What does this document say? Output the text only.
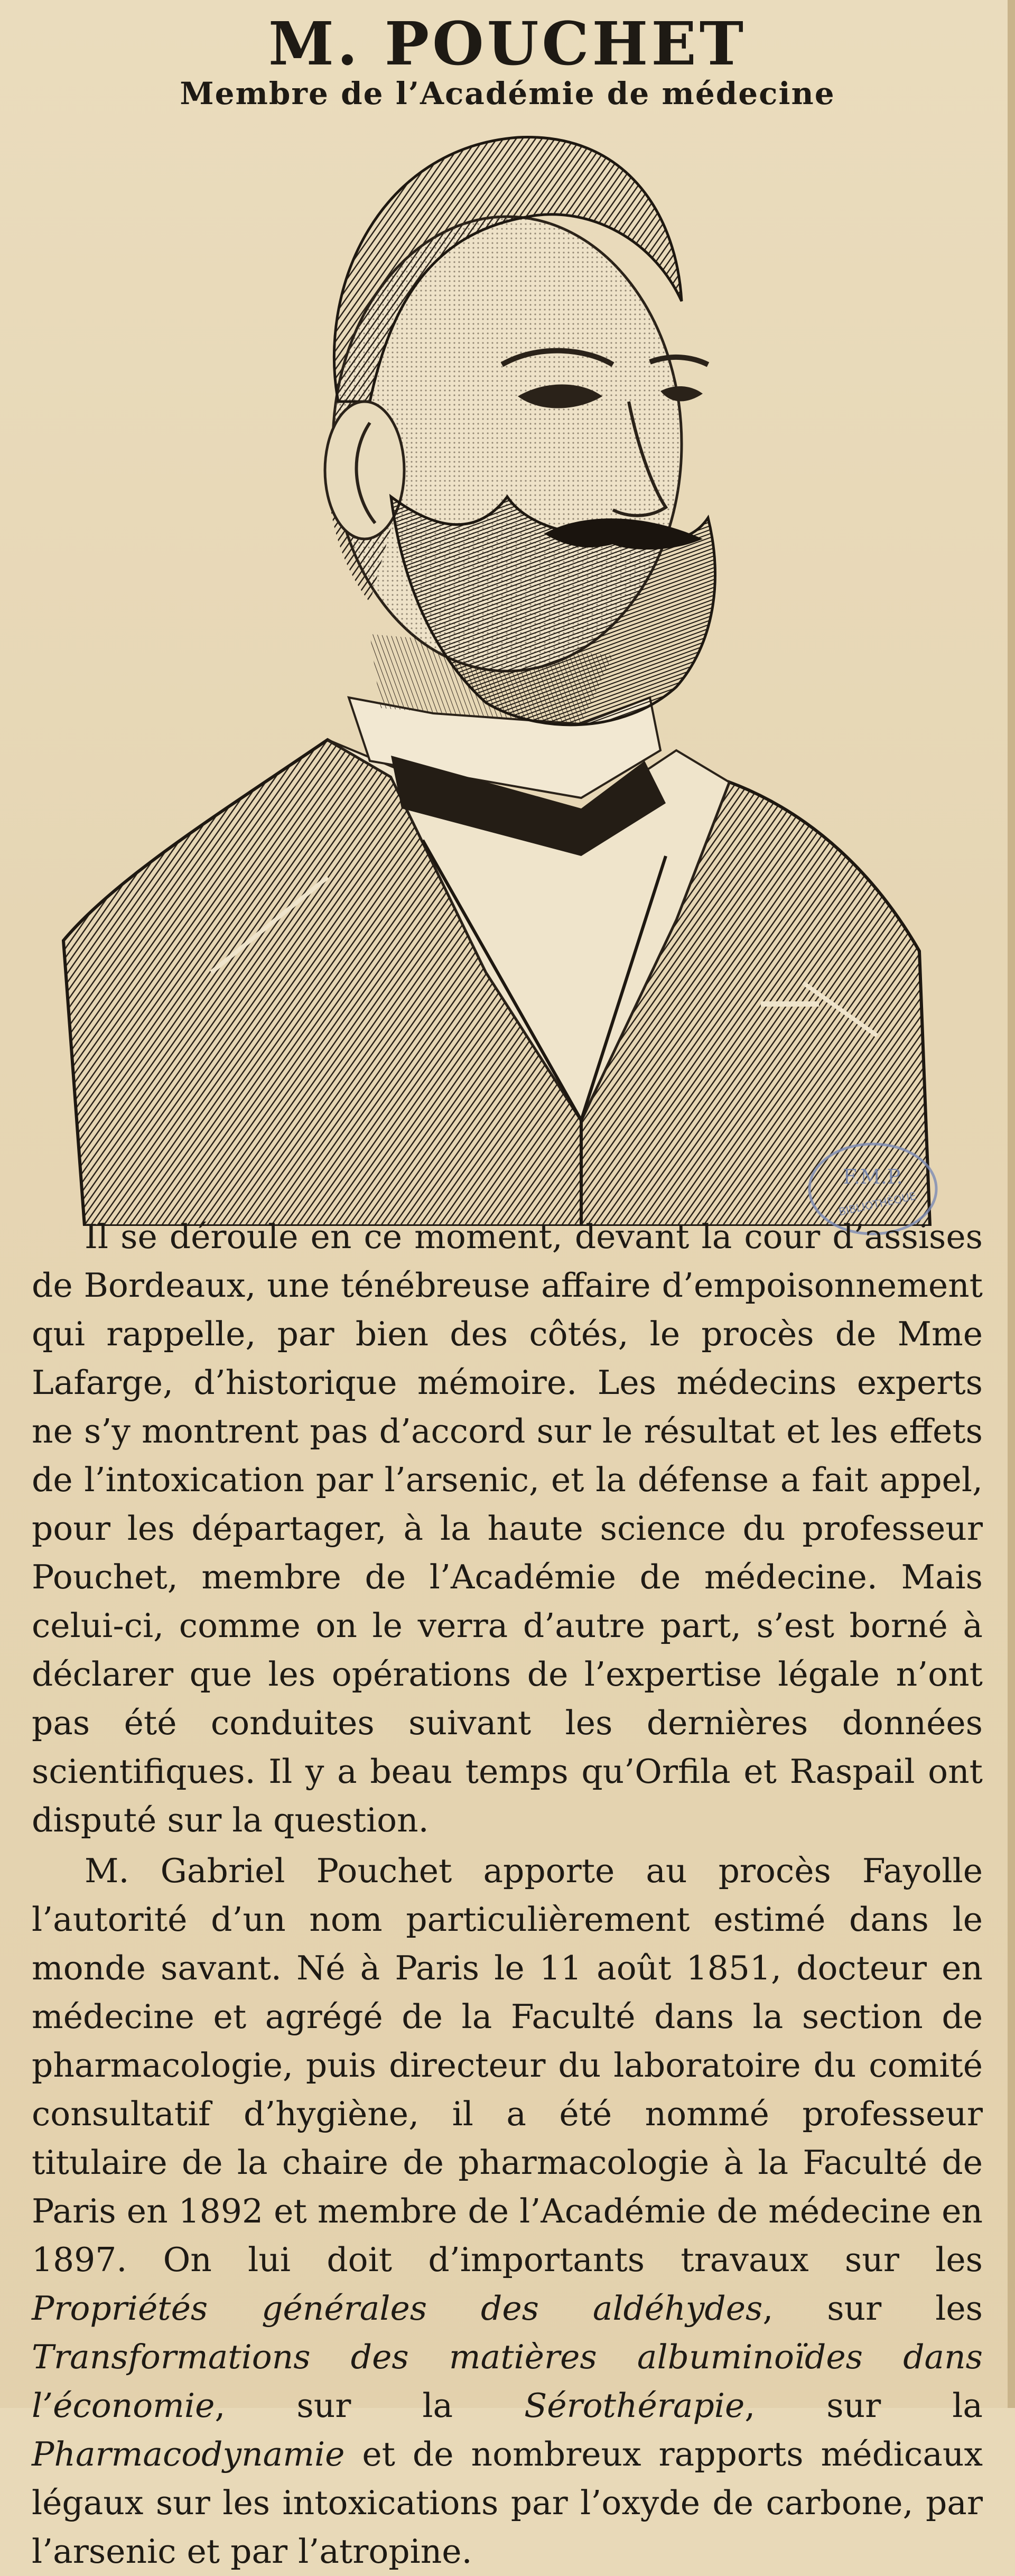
M. POUCHET
Membre de l’Académie de médecine
F.M.P.
BIBLIOTHÈQUE

Il se déroule en ce moment, devant la cour d’assises de Bordeaux, une ténébreuse affaire d’empoisonnement qui rappelle, par bien des côtés, le procès de Mme Lafarge, d’historique mémoire. Les médecins experts ne s’y montrent pas d’accord sur le résultat et les effets de l’intoxication par l’arsenic, et la défense a fait appel, pour les départager, à la haute science du professeur Pouchet, membre de l’Académie de médecine. Mais celui-ci, comme on le verra d’autre part, s’est borné à déclarer que les opérations de l’expertise légale n’ont pas été conduites suivant les dernières données scientifiques. Il y a beau temps qu’Orfila et Raspail ont disputé sur la question.

M. Gabriel Pouchet apporte au procès Fayolle l’autorité d’un nom particulièrement estimé dans le monde savant. Né à Paris le 11 août 1851, docteur en médecine et agrégé de la Faculté dans la section de pharmacologie, puis directeur du laboratoire du comité consultatif d’hygiène, il a été nommé professeur titulaire de la chaire de pharmacologie à la Faculté de Paris en 1892 et membre de l’Académie de médecine en 1897. On lui doit d’importants travaux sur les Propriétés générales des aldéhydes, sur les Transformations des matières albuminoïdes dans l’économie, sur la Sérothérapie, sur la Pharmacodynamie et de nombreux rapports médicaux légaux sur les intoxications par l’oxyde de carbone, par l’arsenic et par l’atropine.
